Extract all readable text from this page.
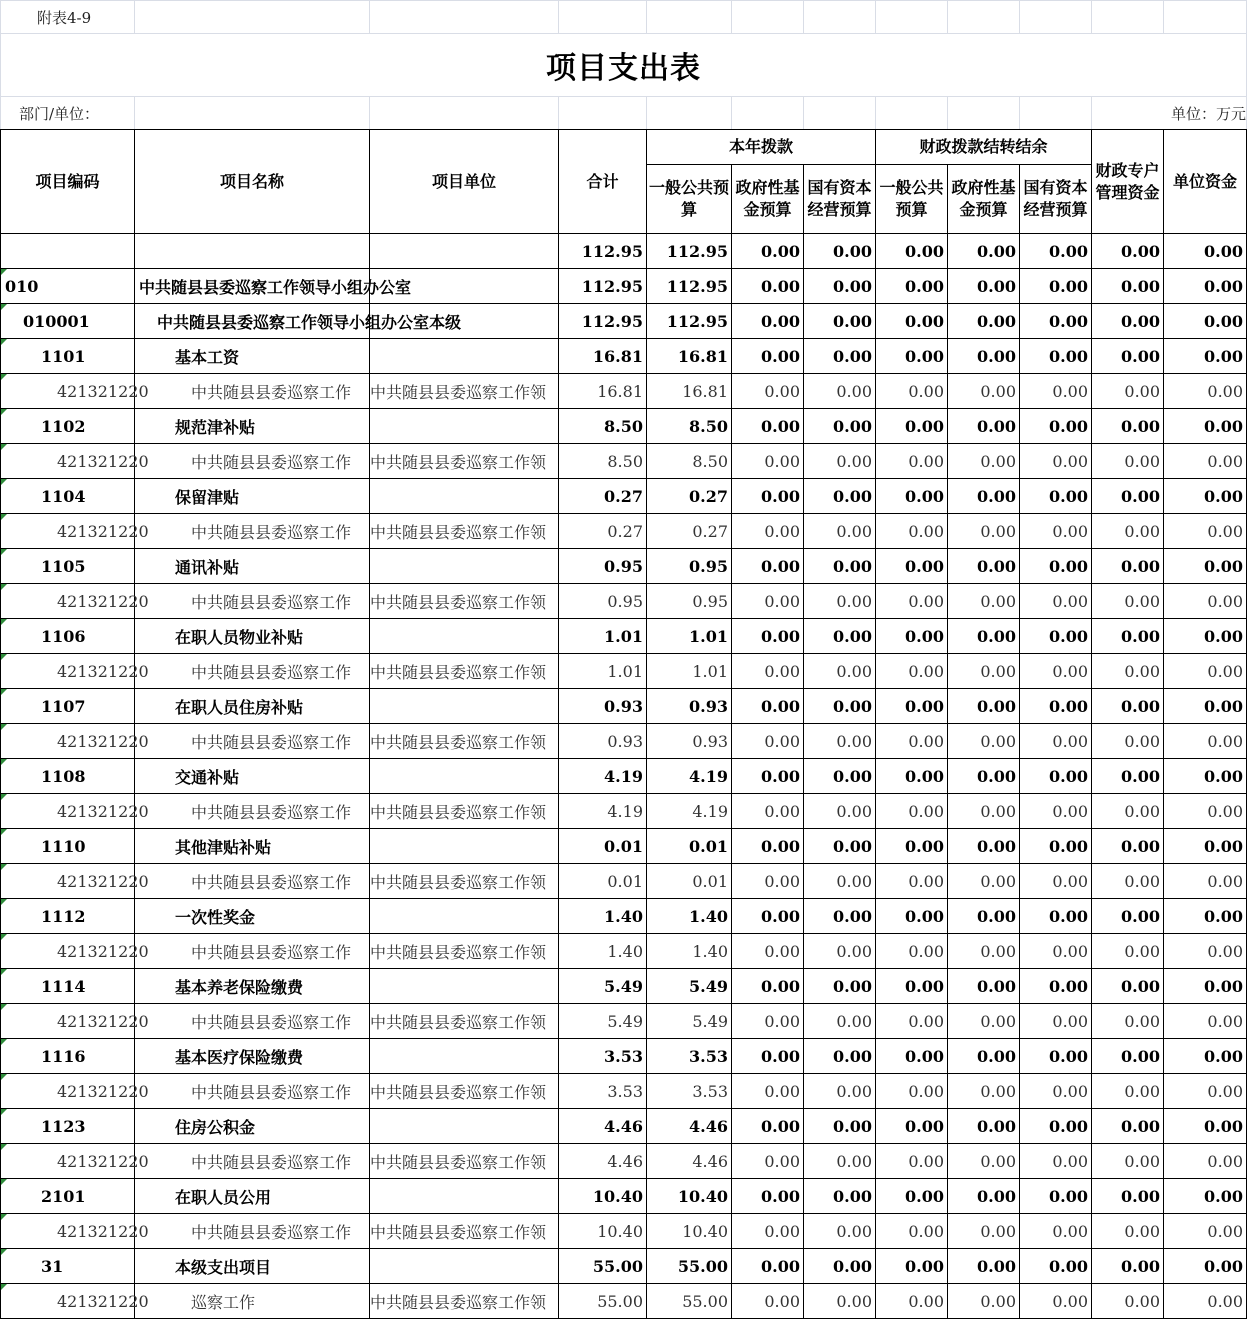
附表4-9											
项目支出表											
部门/单位：										单位：万元	
项目编码	项目名称	项目单位	合计	本年拨款			财政拨款结转结余			财政专户管理资金	单位资金
				一般公共预算	政府性基金预算	国有资本经营预算	一般公共预算	政府性基金预算	国有资本经营预算		
			112.95	112.95	0.00	0.00	0.00	0.00	0.00	0.00	0.00
010	中共随县县委巡察工作领导小组办公室		112.95	112.95	0.00	0.00	0.00	0.00	0.00	0.00	0.00
010001	中共随县县委巡察工作领导小组办公室本级		112.95	112.95	0.00	0.00	0.00	0.00	0.00	0.00	0.00
1101	基本工资		16.81	16.81	0.00	0.00	0.00	0.00	0.00	0.00	0.00
421321220	中共随县县委巡察工作	中共随县县委巡察工作领	16.81	16.81	0.00	0.00	0.00	0.00	0.00	0.00	0.00
1102	规范津补贴		8.50	8.50	0.00	0.00	0.00	0.00	0.00	0.00	0.00
421321220	中共随县县委巡察工作	中共随县县委巡察工作领	8.50	8.50	0.00	0.00	0.00	0.00	0.00	0.00	0.00
1104	保留津贴		0.27	0.27	0.00	0.00	0.00	0.00	0.00	0.00	0.00
421321220	中共随县县委巡察工作	中共随县县委巡察工作领	0.27	0.27	0.00	0.00	0.00	0.00	0.00	0.00	0.00
1105	通讯补贴		0.95	0.95	0.00	0.00	0.00	0.00	0.00	0.00	0.00
421321220	中共随县县委巡察工作	中共随县县委巡察工作领	0.95	0.95	0.00	0.00	0.00	0.00	0.00	0.00	0.00
1106	在职人员物业补贴		1.01	1.01	0.00	0.00	0.00	0.00	0.00	0.00	0.00
421321220	中共随县县委巡察工作	中共随县县委巡察工作领	1.01	1.01	0.00	0.00	0.00	0.00	0.00	0.00	0.00
1107	在职人员住房补贴		0.93	0.93	0.00	0.00	0.00	0.00	0.00	0.00	0.00
421321220	中共随县县委巡察工作	中共随县县委巡察工作领	0.93	0.93	0.00	0.00	0.00	0.00	0.00	0.00	0.00
1108	交通补贴		4.19	4.19	0.00	0.00	0.00	0.00	0.00	0.00	0.00
421321220	中共随县县委巡察工作	中共随县县委巡察工作领	4.19	4.19	0.00	0.00	0.00	0.00	0.00	0.00	0.00
1110	其他津贴补贴		0.01	0.01	0.00	0.00	0.00	0.00	0.00	0.00	0.00
421321220	中共随县县委巡察工作	中共随县县委巡察工作领	0.01	0.01	0.00	0.00	0.00	0.00	0.00	0.00	0.00
1112	一次性奖金		1.40	1.40	0.00	0.00	0.00	0.00	0.00	0.00	0.00
421321220	中共随县县委巡察工作	中共随县县委巡察工作领	1.40	1.40	0.00	0.00	0.00	0.00	0.00	0.00	0.00
1114	基本养老保险缴费		5.49	5.49	0.00	0.00	0.00	0.00	0.00	0.00	0.00
421321220	中共随县县委巡察工作	中共随县县委巡察工作领	5.49	5.49	0.00	0.00	0.00	0.00	0.00	0.00	0.00
1116	基本医疗保险缴费		3.53	3.53	0.00	0.00	0.00	0.00	0.00	0.00	0.00
421321220	中共随县县委巡察工作	中共随县县委巡察工作领	3.53	3.53	0.00	0.00	0.00	0.00	0.00	0.00	0.00
1123	住房公积金		4.46	4.46	0.00	0.00	0.00	0.00	0.00	0.00	0.00
421321220	中共随县县委巡察工作	中共随县县委巡察工作领	4.46	4.46	0.00	0.00	0.00	0.00	0.00	0.00	0.00
2101	在职人员公用		10.40	10.40	0.00	0.00	0.00	0.00	0.00	0.00	0.00
421321220	中共随县县委巡察工作	中共随县县委巡察工作领	10.40	10.40	0.00	0.00	0.00	0.00	0.00	0.00	0.00
31	本级支出项目		55.00	55.00	0.00	0.00	0.00	0.00	0.00	0.00	0.00
421321220	巡察工作	中共随县县委巡察工作领	55.00	55.00	0.00	0.00	0.00	0.00	0.00	0.00	0.00
